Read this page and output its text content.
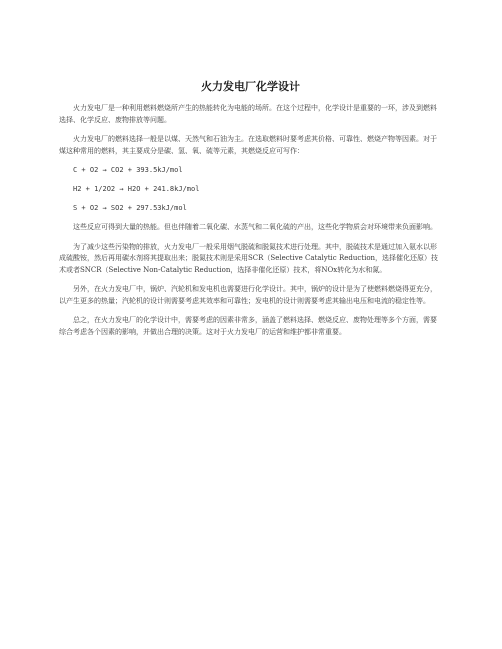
火力发电厂化学设计

火力发电厂是一种利用燃料燃烧所产生的热能转化为电能的场所。在这个过程中，化学设计是重要的一环，涉及到燃料选择、化学反应、废物排放等问题。

火力发电厂的燃料选择一般是以煤、天然气和石油为主。在选取燃料时要考虑其价格、可靠性、燃烧产物等因素。对于煤这种常用的燃料，其主要成分是碳、氢、氧、硫等元素，其燃烧反应可写作：

C + O2 → CO2 + 393.5kJ/mol
H2 + 1/2O2 → H2O + 241.8kJ/mol
S + O2 → SO2 + 297.53kJ/mol

这些反应可得到大量的热能。但也伴随着二氧化碳、水蒸气和二氧化硫的产出，这些化学物质会对环境带来负面影响。

为了减少这些污染物的排放，火力发电厂一般采用烟气脱硫和脱氮技术进行处理。其中，脱硫技术是通过加入氨水以形成硫酸铵，然后再用碳水剂将其提取出来；脱氮技术则是采用SCR（Selective Catalytic Reduction，选择催化还原）技术或者SNCR（Selective Non-Catalytic Reduction，选择非催化还原）技术，将NOx转化为水和氮。

另外，在火力发电厂中，锅炉、汽轮机和发电机也需要进行化学设计。其中，锅炉的设计是为了使燃料燃烧得更充分，以产生更多的热量；汽轮机的设计则需要考虑其效率和可靠性；发电机的设计则需要考虑其输出电压和电流的稳定性等。

总之，在火力发电厂的化学设计中，需要考虑的因素非常多，涵盖了燃料选择、燃烧反应、废物处理等多个方面，需要综合考虑各个因素的影响，并做出合理的决策。这对于火力发电厂的运营和维护都非常重要。
